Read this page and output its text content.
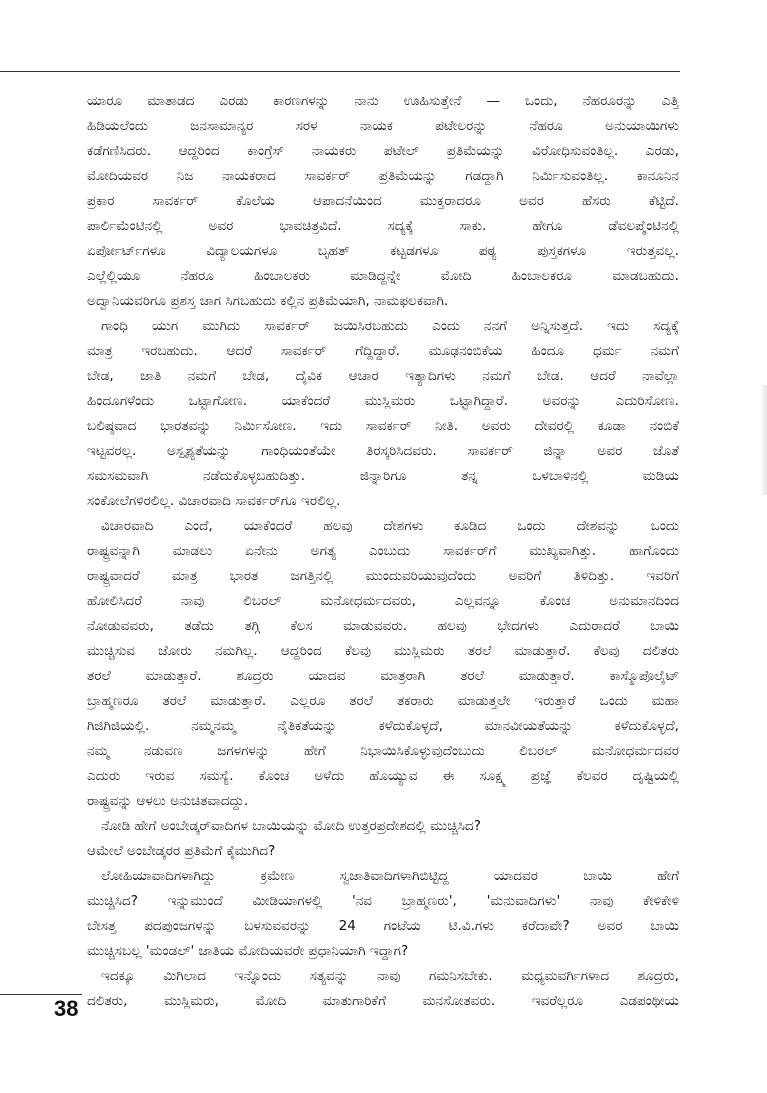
ಯಾರೂ ಮಾತಾಡದ ಎರಡು ಕಾರಣಗಳನ್ನು ನಾನು ಊಹಿಸುತ್ತೇನೆ — ಒಂದು, ನೆಹರೂರನ್ನು ಎತ್ತಿ
ಹಿಡಿಯಲೆಂದು ಜನಸಾಮಾನ್ಯರ ಸರಳ ನಾಯಕ ಪಟೇಲರನ್ನು ನೆಹರೂ ಅನುಯಾಯಿಗಳು
ಕಡೆಗಣಿಸಿದರು. ಆದ್ದರಿಂದ ಕಾಂಗ್ರೆಸ್ ನಾಯಕರು ಪಟೇಲ್ ಪ್ರತಿಮೆಯನ್ನು ವಿರೋಧಿಸುವಂತಿಲ್ಲ. ಎರಡು,
ಮೋದಿಯವರ ನಿಜ ನಾಯಕರಾದ ಸಾವರ್ಕರ್ ಪ್ರತಿಮೆಯನ್ನು ಗಡದ್ದಾಗಿ ನಿರ್ಮಿಸುವಂತಿಲ್ಲ. ಕಾನೂನಿನ
ಪ್ರಕಾರ ಸಾವರ್ಕರ್ ಕೊಲೆಯ ಆಪಾದನೆಯಿಂದ ಮುಕ್ತರಾದರೂ ಅವರ ಹೆಸರು ಕೆಟ್ಟಿದೆ.
ಪಾರ್ಲಿಮೆಂಟಿನಲ್ಲಿ ಅವರ ಭಾವಚಿತ್ರವಿದೆ. ಸದ್ಯಕ್ಕೆ ಸಾಕು. ಹೇಗೂ ಡೆವಲಪ್ಮೆಂಟಿನಲ್ಲಿ
ಏರ್ಪೋರ್ಟ್‌ಗಳೂ ವಿದ್ಯಾಲಯಗಳೂ ಬೃಹತ್ ಕಟ್ಟಡಗಳೂ ಪಠ್ಯ ಪುಸ್ತಕಗಳೂ ಇರುತ್ತವಲ್ಲ.
ಎಲ್ಲೆಲ್ಲಿಯೂ ನೆಹರೂ ಹಿಂಬಾಲಕರು ಮಾಡಿದ್ದನ್ನೇ ಮೋದಿ ಹಿಂಬಾಲಕರೂ ಮಾಡಬಹುದು.
ಅದ್ವಾನಿಯವರಿಗೂ ಪ್ರಶಸ್ತ ಜಾಗ ಸಿಗಬಹುದು ಕಲ್ಲಿನ ಪ್ರತಿಮೆಯಾಗಿ, ನಾಮಫಲಕವಾಗಿ.
ಗಾಂಧಿ ಯುಗ ಮುಗಿದು ಸಾವರ್ಕರ್ ಜಯಿಸಿರಬಹುದು ಎಂದು ನನಗೆ ಅನ್ನಿಸುತ್ತದೆ. ಇದು ಸದ್ಯಕ್ಕೆ
ಮಾತ್ರ ಇರಬಹುದು. ಆದರೆ ಸಾವರ್ಕರ್ ಗೆದ್ದಿದ್ದಾರೆ. ಮೂಢನಂಬಿಕೆಯ ಹಿಂದೂ ಧರ್ಮ ನಮಗೆ
ಬೇಡ, ಜಾತಿ ನಮಗೆ ಬೇಡ, ದೈವಿಕ ಆಚಾರ ಇತ್ಯಾದಿಗಳು ನಮಗೆ ಬೇಡ. ಆದರೆ ನಾವೆಲ್ಲಾ
ಹಿಂದೂಗಳೆಂದು ಒಟ್ಟಾಗೋಣ. ಯಾಕೆಂದರೆ ಮುಸ್ಲಿಮರು ಒಟ್ಟಾಗಿದ್ದಾರೆ. ಅವರನ್ನು ಎದುರಿಸೋಣ.
ಬಲಿಷ್ಠವಾದ ಭಾರತವನ್ನು ನಿರ್ಮಿಸೋಣ. ಇದು ಸಾವರ್ಕರ್ ನೀತಿ. ಅವರು ದೇವರಲ್ಲಿ ಕೂಡಾ ನಂಬಿಕೆ
ಇಟ್ಟವರಲ್ಲ. ಅಸ್ಪೃಶ್ಯತೆಯನ್ನು ಗಾಂಧಿಯಂತೆಯೇ ತಿರಸ್ಕರಿಸಿದವರು. ಸಾವರ್ಕರ್ ಜಿನ್ನಾ ಅವರ ಜೊತೆ
ಸಮಸಮವಾಗಿ ನಡೆದುಕೊಳ್ಳಬಹುದಿತ್ತು. ಜಿನ್ನಾರಿಗೂ ತನ್ನ ಒಳಬಾಳಿನಲ್ಲಿ ಮಡಿಯ
ಸಂಕೋಲೆಗಳಿರಲಿಲ್ಲ. ವಿಚಾರವಾದಿ ಸಾವರ್ಕರ್‌ಗೂ ಇರಲಿಲ್ಲ.
ವಿಚಾರವಾದಿ ಎಂದೆ, ಯಾಕೆಂದರೆ ಹಲವು ದೇಶಗಳು ಕೂಡಿದ ಒಂದು ದೇಶವನ್ನು ಒಂದು
ರಾಷ್ಟ್ರವನ್ನಾಗಿ ಮಾಡಲು ಏನೇನು ಅಗತ್ಯ ಎಂಬುದು ಸಾವರ್ಕರ್‌ಗೆ ಮುಖ್ಯವಾಗಿತ್ತು. ಹಾಗೊಂದು
ರಾಷ್ಟ್ರವಾದರೆ ಮಾತ್ರ ಭಾರತ ಜಗತ್ತಿನಲ್ಲಿ ಮುಂದುವರಿಯುವುದೆಂದು ಅವರಿಗೆ ತಿಳಿದಿತ್ತು. ಇವರಿಗೆ
ಹೋಲಿಸಿದರೆ ನಾವು ಲಿಬರಲ್ ಮನೋಧರ್ಮದವರು, ಎಲ್ಲವನ್ನೂ ಕೊಂಚ ಅನುಮಾನದಿಂದ
ನೋಡುವವರು, ತಡೆದು ತಗ್ಗಿ ಕೆಲಸ ಮಾಡುವವರು. ಹಲವು ಭೇದಗಳು ಎದುರಾದರೆ ಬಾಯಿ
ಮುಚ್ಚಿಸುವ ಜೋರು ನಮಗಿಲ್ಲ. ಆದ್ದರಿಂದ ಕೆಲವು ಮುಸ್ಲಿಮರು ತರಲೆ ಮಾಡುತ್ತಾರೆ. ಕೆಲವು ದಲಿತರು
ತರಲೆ ಮಾಡುತ್ತಾರೆ. ಶೂದ್ರರು ಯಾದವ ಮಾತ್ರರಾಗಿ ತರಲೆ ಮಾಡುತ್ತಾರೆ. ಕಾಸ್ಮೊಪೊಲೈಟ್
ಬ್ರಾಹ್ಮಣರೂ ತರಲೆ ಮಾಡುತ್ತಾರೆ. ಎಲ್ಲರೂ ತರಲೆ ತಕರಾರು ಮಾಡುತ್ತಲೇ ಇರುತ್ತಾರೆ ಒಂದು ಮಹಾ
ಗಿಜಿಗಿಜಿಯಲ್ಲಿ. ನಮ್ಮನಮ್ಮ ನೈತಿಕತೆಯನ್ನು ಕಳೆದುಕೊಳ್ಳದೆ, ಮಾನವೀಯತೆಯನ್ನು ಕಳೆದುಕೊಳ್ಳದೆ,
ನಮ್ಮ ನಡುವಣ ಜಗಳಗಳನ್ನು ಹೇಗೆ ನಿಭಾಯಿಸಿಕೊಳ್ಳುವುದೆಂಬುದು ಲಿಬರಲ್ ಮನೋಧರ್ಮದವರ
ಎದುರು ಇರುವ ಸಮಸ್ಯೆ. ಕೊಂಚ ಅಳೆದು ಹೊಯ್ಯುವ ಈ ಸೂಕ್ಷ್ಮ ಪ್ರಜ್ಞೆ ಕೆಲವರ ದೃಷ್ಟಿಯಲ್ಲಿ
ರಾಷ್ಟ್ರವನ್ನು ಆಳಲು ಅನುಚಿತವಾದದ್ದು.
ನೋಡಿ ಹೇಗೆ ಅಂಬೇಡ್ಕರ್‌ವಾದಿಗಳ ಬಾಯಿಯನ್ನು ಮೋದಿ ಉತ್ತರಪ್ರದೇಶದಲ್ಲಿ ಮುಚ್ಚಿಸಿದ?
ಆಮೇಲೆ ಅಂಬೇಡ್ಕರರ ಪ್ರತಿಮೆಗೆ ಕೈಮುಗಿದ?
ಲೋಹಿಯಾವಾದಿಗಳಾಗಿದ್ದು ಕ್ರಮೇಣ ಸ್ವಜಾತಿವಾದಿಗಳಾಗಿಬಿಟ್ಟಿದ್ದ ಯಾದವರ ಬಾಯಿ ಹೇಗೆ
ಮುಚ್ಚಿಸಿದ? ಇನ್ನುಮುಂದೆ ಮೀಡಿಯಾಗಳಲ್ಲಿ 'ನವ ಬ್ರಾಹ್ಮಣರು', 'ಮನುವಾದಿಗಳು' ನಾವು ಕೇಳಿಕೇಳಿ
ಬೇಸತ್ತ ಪದಪುಂಜಗಳನ್ನು ಬಳಸುವವರನ್ನು 24 ಗಂಟೆಯ ಟಿ.ವಿ.ಗಳು ಕರೆದಾವೇ? ಅವರ ಬಾಯಿ
ಮುಚ್ಚಿಸಬಲ್ಲ 'ಮಂಡಲ್' ಜಾತಿಯ ಮೋದಿಯವರೇ ಪ್ರಧಾನಿಯಾಗಿ ಇದ್ದಾಗ?
ಇದಕ್ಕೂ ಮಿಗಿಲಾದ ಇನ್ನೊಂದು ಸತ್ಯವನ್ನು ನಾವು ಗಮನಿಸಬೇಕು. ಮಧ್ಯಮವರ್ಗಿಗಳಾದ ಶೂದ್ರರು,
ದಲಿತರು, ಮುಸ್ಲಿಮರು, ಮೋದಿ ಮಾತುಗಾರಿಕೆಗೆ ಮನಸೋತವರು. ಇವರೆಲ್ಲರೂ ಎಡಪಂಥೀಯ
38
